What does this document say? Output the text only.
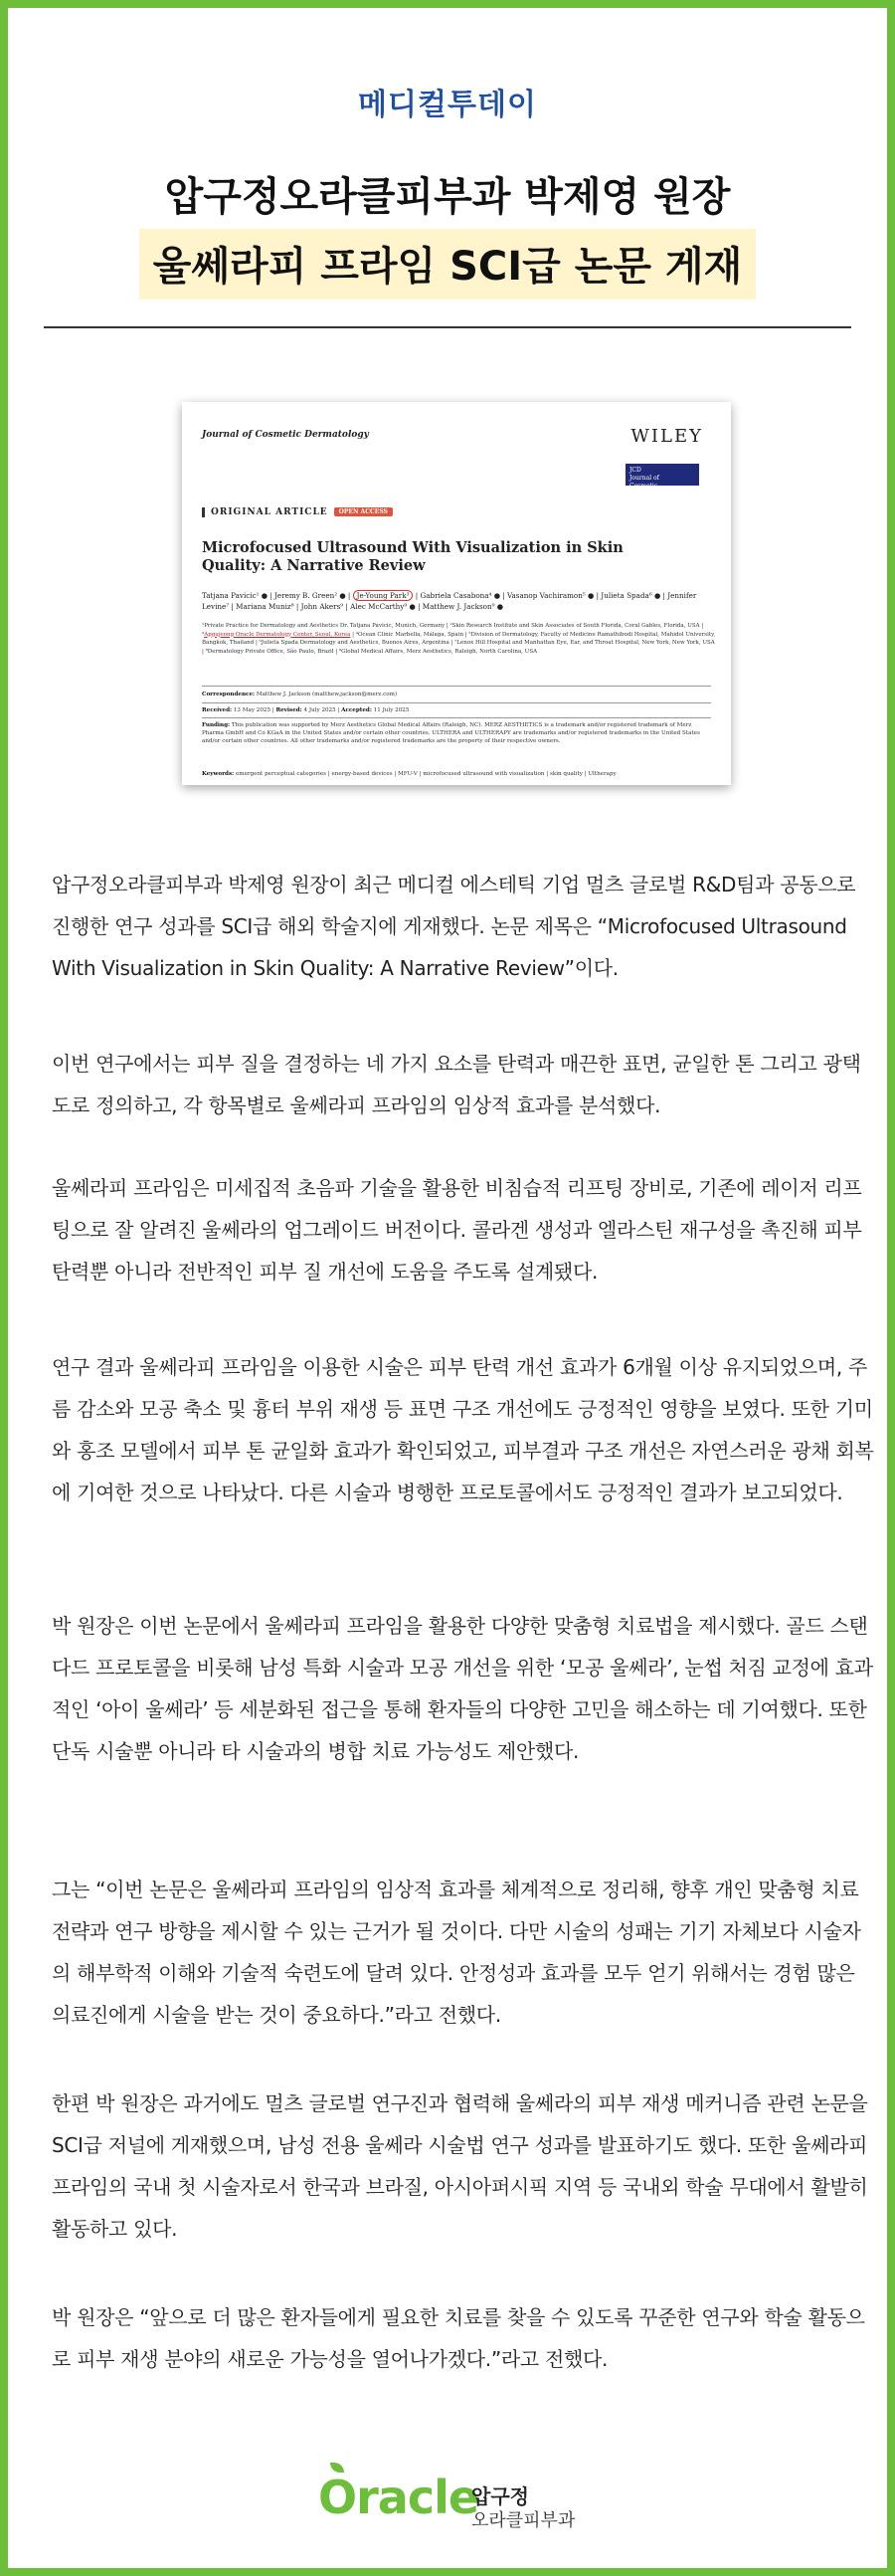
메디컬투데이
압구정오라클피부과 박제영 원장
울쎄라피 프라임 SCI급 논문 게재
Journal of Cosmetic Dermatology	WILEY
JCD
Journal of
Cosmetic Dermatology
ORIGINAL ARTICLE OPEN ACCESS
Microfocused Ultrasound With Visualization in Skin Quality: A Narrative Review
Tatjana Pavicic¹ ● | Jeremy B. Green² ● | Je-Young Park³ | Gabriela Casabona⁴ ● | Vasanop Vachiramon⁵ ● | Julieta Spada⁶ ● | Jennifer Levine⁷ | Mariana Muniz⁸ | John Akers⁹ | Alec McCarthy⁹ ● | Matthew J. Jackson⁹ ●
¹Private Practice for Dermatology and Aesthetics Dr. Tatjana Pavicic, Munich, Germany | ²Skin Research Institute and Skin Associates of South Florida, Coral Gables, Florida, USA | ³Apgujeong Oracle Dermatology Center, Seoul, Korea | ⁴Ocean Clinic Marbella, Málaga, Spain | ⁵Division of Dermatology, Faculty of Medicine Ramathibodi Hospital, Mahidol University, Bangkok, Thailand | ⁶Julieta Spada Dermatology and Aesthetics, Buenos Aires, Argentina | ⁷Lenox Hill Hospital and Manhattan Eye, Ear, and Throat Hospital, New York, New York, USA | ⁸Dermatology Private Office, São Paulo, Brazil | ⁹Global Medical Affairs, Merz Aesthetics, Raleigh, North Carolina, USA
Correspondence: Matthew J. Jackson (matthew.jackson@merz.com)
Received: 13 May 2025 | Revised: 4 July 2025 | Accepted: 11 July 2025
Funding: This publication was supported by Merz Aesthetics Global Medical Affairs (Raleigh, NC). MERZ AESTHETICS is a trademark and/or registered trademark of Merz Pharma GmbH and Co KGaA in the United States and/or certain other countries. ULTHERA and ULTHERAPY are trademarks and/or registered trademarks in the United States and/or certain other countries. All other trademarks and/or registered trademarks are the property of their respective owners.
Keywords: emergent perceptual categories | energy-based devices | MFU-V | microfocused ultrasound with visualization | skin quality | Ultherapy

압구정오라클피부과 박제영 원장이 최근 메디컬 에스테틱 기업 멀츠 글로벌 R&D팀과 공동으로 진행한 연구 성과를 SCI급 해외 학술지에 게재했다. 논문 제목은 “Microfocused Ultrasound With Visualization in Skin Quality: A Narrative Review”이다.

이번 연구에서는 피부 질을 결정하는 네 가지 요소를 탄력과 매끈한 표면, 균일한 톤 그리고 광택도로 정의하고, 각 항목별로 울쎄라피 프라임의 임상적 효과를 분석했다.

울쎄라피 프라임은 미세집적 초음파 기술을 활용한 비침습적 리프팅 장비로, 기존에 레이저 리프팅으로 잘 알려진 울쎄라의 업그레이드 버전이다. 콜라겐 생성과 엘라스틴 재구성을 촉진해 피부 탄력뿐 아니라 전반적인 피부 질 개선에 도움을 주도록 설계됐다.

연구 결과 울쎄라피 프라임을 이용한 시술은 피부 탄력 개선 효과가 6개월 이상 유지되었으며, 주름 감소와 모공 축소 및 흉터 부위 재생 등 표면 구조 개선에도 긍정적인 영향을 보였다. 또한 기미와 홍조 모델에서 피부 톤 균일화 효과가 확인되었고, 피부결과 구조 개선은 자연스러운 광채 회복에 기여한 것으로 나타났다. 다른 시술과 병행한 프로토콜에서도 긍정적인 결과가 보고되었다.

박 원장은 이번 논문에서 울쎄라피 프라임을 활용한 다양한 맞춤형 치료법을 제시했다. 골드 스탠다드 프로토콜을 비롯해 남성 특화 시술과 모공 개선을 위한 ‘모공 울쎄라’, 눈썹 처짐 교정에 효과적인 ‘아이 울쎄라’ 등 세분화된 접근을 통해 환자들의 다양한 고민을 해소하는 데 기여했다. 또한 단독 시술뿐 아니라 타 시술과의 병합 치료 가능성도 제안했다.

그는 “이번 논문은 울쎄라피 프라임의 임상적 효과를 체계적으로 정리해, 향후 개인 맞춤형 치료 전략과 연구 방향을 제시할 수 있는 근거가 될 것이다. 다만 시술의 성패는 기기 자체보다 시술자의 해부학적 이해와 기술적 숙련도에 달려 있다. 안정성과 효과를 모두 얻기 위해서는 경험 많은 의료진에게 시술을 받는 것이 중요하다.”라고 전했다.

한편 박 원장은 과거에도 멀츠 글로벌 연구진과 협력해 울쎄라의 피부 재생 메커니즘 관련 논문을 SCI급 저널에 게재했으며, 남성 전용 울쎄라 시술법 연구 성과를 발표하기도 했다. 또한 울쎄라피 프라임의 국내 첫 시술자로서 한국과 브라질, 아시아퍼시픽 지역 등 국내외 학술 무대에서 활발히 활동하고 있다.

박 원장은 “앞으로 더 많은 환자들에게 필요한 치료를 찾을 수 있도록 꾸준한 연구와 학술 활동으로 피부 재생 분야의 새로운 가능성을 열어나가겠다.”라고 전했다.

Oracle
압구정
오라클피부과
